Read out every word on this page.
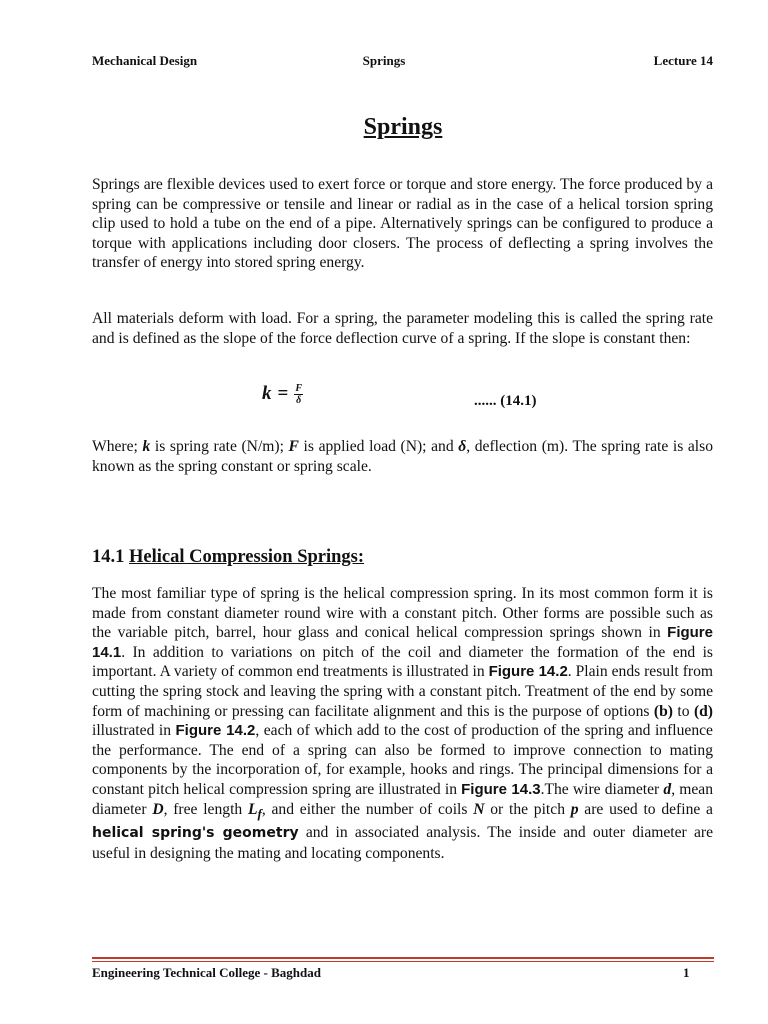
Mechanical Design	Springs	Lecture 14
Springs

Springs are flexible devices used to exert force or torque and store energy. The force produced by a spring can be compressive or tensile and linear or radial as in the case of a helical torsion spring clip used to hold a tube on the end of a pipe. Alternatively springs can be configured to produce a torque with applications including door closers. The process of deflecting a spring involves the transfer of energy into stored spring energy.

All materials deform with load. For a spring, the parameter modeling this is called the spring rate and is defined as the slope of the force deflection curve of a spring. If the slope is constant then:

$k = \frac{F}{\delta}$	...... (14.1)

Where; k is spring rate (N/m); F is applied load (N); and δ, deflection (m). The spring rate is also known as the spring constant or spring scale.

14.1 Helical Compression Springs:

The most familiar type of spring is the helical compression spring. In its most common form it is made from constant diameter round wire with a constant pitch. Other forms are possible such as the variable pitch, barrel, hour glass and conical helical compression springs shown in Figure 14.1. In addition to variations on pitch of the coil and diameter the formation of the end is important. A variety of common end treatments is illustrated in Figure 14.2. Plain ends result from cutting the spring stock and leaving the spring with a constant pitch. Treatment of the end by some form of machining or pressing can facilitate alignment and this is the purpose of options (b) to (d) illustrated in Figure 14.2, each of which add to the cost of production of the spring and influence the performance. The end of a spring can also be formed to improve connection to mating components by the incorporation of, for example, hooks and rings. The principal dimensions for a constant pitch helical compression spring are illustrated in Figure 14.3.The wire diameter d, mean diameter D, free length $L_f$, and either the number of coils N or the pitch p are used to define a helical spring's geometry and in associated analysis. The inside and outer diameter are useful in designing the mating and locating components.

Engineering Technical College - Baghdad	1
